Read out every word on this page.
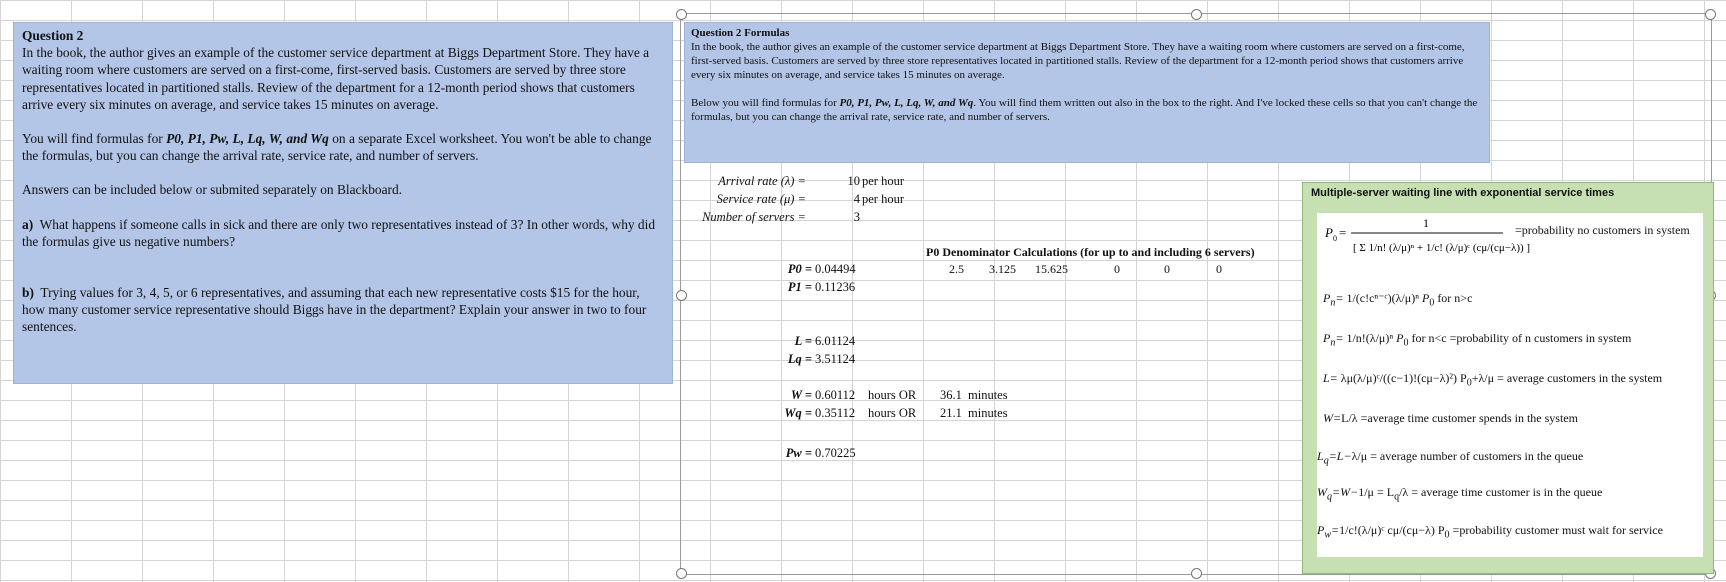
Question 2

In the book, the author gives an example of the customer service department at Biggs Department Store. They have a waiting room where customers are served on a first-come, first-served basis. Customers are served by three store representatives located in partitioned stalls. Review of the department for a 12-month period shows that customers arrive every six minutes on average, and service takes 15 minutes on average.

You will find formulas for P0, P1, Pw, L, Lq, W, and Wq on a separate Excel worksheet. You won't be able to change the formulas, but you can change the arrival rate, service rate, and number of servers.

Answers can be included below or submited separately on Blackboard.

a) What happens if someone calls in sick and there are only two representatives instead of 3? In other words, why did the formulas give us negative numbers?

b) Trying values for 3, 4, 5, or 6 representatives, and assuming that each new representative costs $15 for the hour, how many customer service representative should Biggs have in the department? Explain your answer in two to four sentences.

Question 2 Formulas

In the book, the author gives an example of the customer service department at Biggs Department Store. They have a waiting room where customers are served on a first-come, first-served basis. Customers are served by three store representatives located in partitioned stalls. Review of the department for a 12-month period shows that customers arrive every six minutes on average, and service takes 15 minutes on average.

Below you will find formulas for P0, P1, Pw, L, Lq, W, and Wq. You will find them written out also in the box to the right. And I've locked these cells so that you can't change the formulas, but you can change the arrival rate, service rate, and number of servers.

Arrival rate (λ) =	10 per hour
Service rate (μ) =	4 per hour
Number of servers =	3
P0 Denominator Calculations (for up to and including 6 servers)
2.5	3.125	15.625	0	0	0
P0 = 0.04494
P1 = 0.11236
L = 6.01124
Lq = 3.51124
W = 0.60112 hours OR 36.1 minutes
Wq = 0.35112 hours OR 21.1 minutes
Pw = 0.70225
Multiple-server waiting line with exponential service times
P 0 =
1
[ Σ 1/n! (λ/μ)ⁿ + 1/c! (λ/μ)ᶜ (cμ/(cμ−λ)) ]
=probability no customers in system
$P_n=$ 1/(c!cⁿ⁻ᶜ)(λ/μ)ⁿ $P_0$ for n>c
$P_n= 1/n!(\lambda/\mu)^n$ $P_0$ for n<c =probability of n customers in system
L= λμ(λ/μ)ᶜ/((c−1)!(cμ−λ)²) $P_0+\lambda/\mu$ = average customers in the system
W=L/λ =average time customer spends in the system
$L_q=L-\lambda/\mu$ = average number of customers in the queue
$W_q=W-1/\mu = L_q/\lambda$ = average time customer is in the queue
$P_w=1/c!(\lambda/\mu)ᶜ$ cμ/(cμ−λ) $P_0$ =probability customer must wait for service
